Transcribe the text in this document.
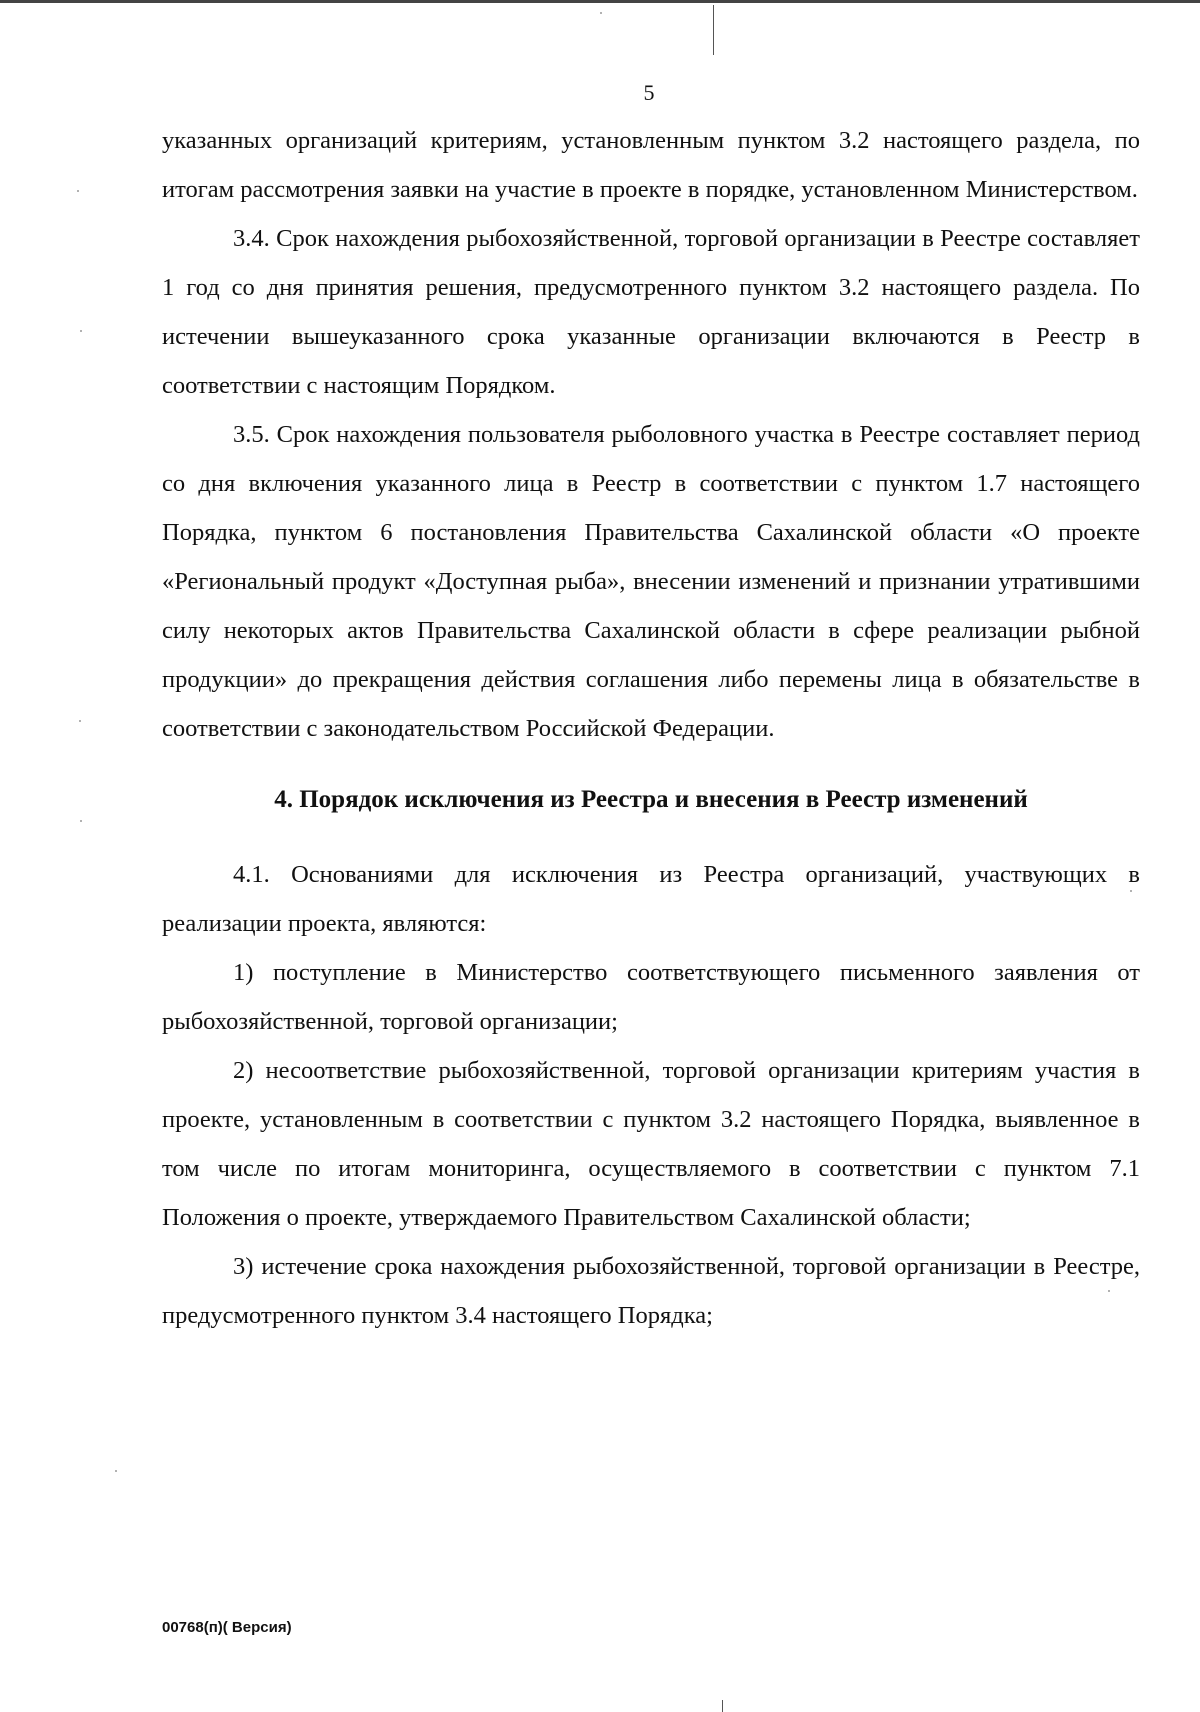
5

указанных организаций критериям, установленным пунктом 3.2 настоящего раздела, по итогам рассмотрения заявки на участие в проекте в порядке, установленном Министерством.

3.4. Срок нахождения рыбохозяйственной, торговой организации в Реестре составляет 1 год со дня принятия решения, предусмотренного пунктом 3.2 настоящего раздела. По истечении вышеуказанного срока указанные организации включаются в Реестр в соответствии с настоящим Порядком.

3.5. Срок нахождения пользователя рыболовного участка в Реестре составляет период со дня включения указанного лица в Реестр в соответствии с пунктом 1.7 настоящего Порядка, пунктом 6 постановления Правительства Сахалинской области «О проекте «Региональный продукт «Доступная рыба», внесении изменений и признании утратившими силу некоторых актов Правительства Сахалинской области в сфере реализации рыбной продукции» до прекращения действия соглашения либо перемены лица в обязательстве в соответствии с законодательством Российской Федерации.

4. Порядок исключения из Реестра и внесения в Реестр изменений

4.1. Основаниями для исключения из Реестра организаций, участвующих в реализации проекта, являются:

1) поступление в Министерство соответствующего письменного заявления от рыбохозяйственной, торговой организации;

2) несоответствие рыбохозяйственной, торговой организации критериям участия в проекте, установленным в соответствии с пунктом 3.2 настоящего Порядка, выявленное в том числе по итогам мониторинга, осуществляемого в соответствии с пунктом 7.1 Положения о проекте, утверждаемого Правительством Сахалинской области;

3) истечение срока нахождения рыбохозяйственной, торговой организации в Реестре, предусмотренного пунктом 3.4 настоящего Порядка;

00768(п)( Версия)
